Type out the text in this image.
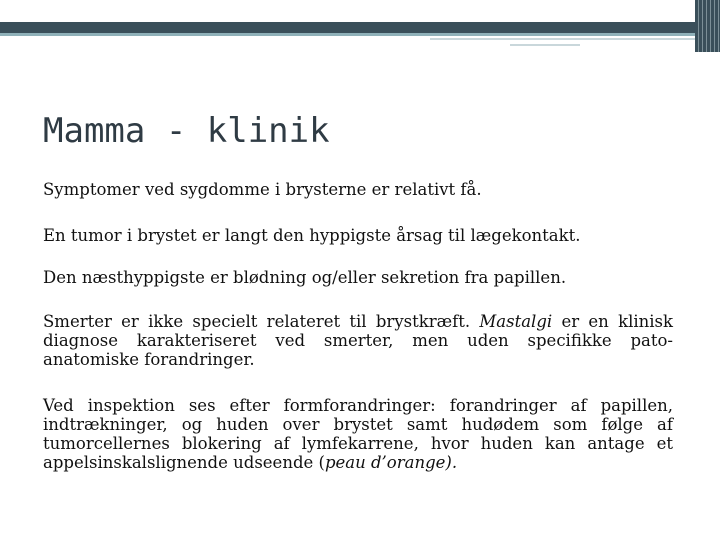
Mamma - klinik

Symptomer ved sygdomme i brysterne er relativt få.

En tumor i brystet er langt den hyppigste årsag til lægekontakt.

Den næsthyppigste er blødning og/eller sekretion fra papillen.

Smerter er ikke specielt relateret til brystkræft. Mastalgi er en klinisk diagnose karakteriseret ved smerter, men uden specifikke pato-anatomiske forandringer.

Ved inspektion ses efter formforandringer: forandringer af papillen, indtrækninger, og huden over brystet samt hudødem som følge af tumorcellernes blokering af lymfekarrene, hvor huden kan antage et appelsinskalslignende udseende (peau d’orange).
